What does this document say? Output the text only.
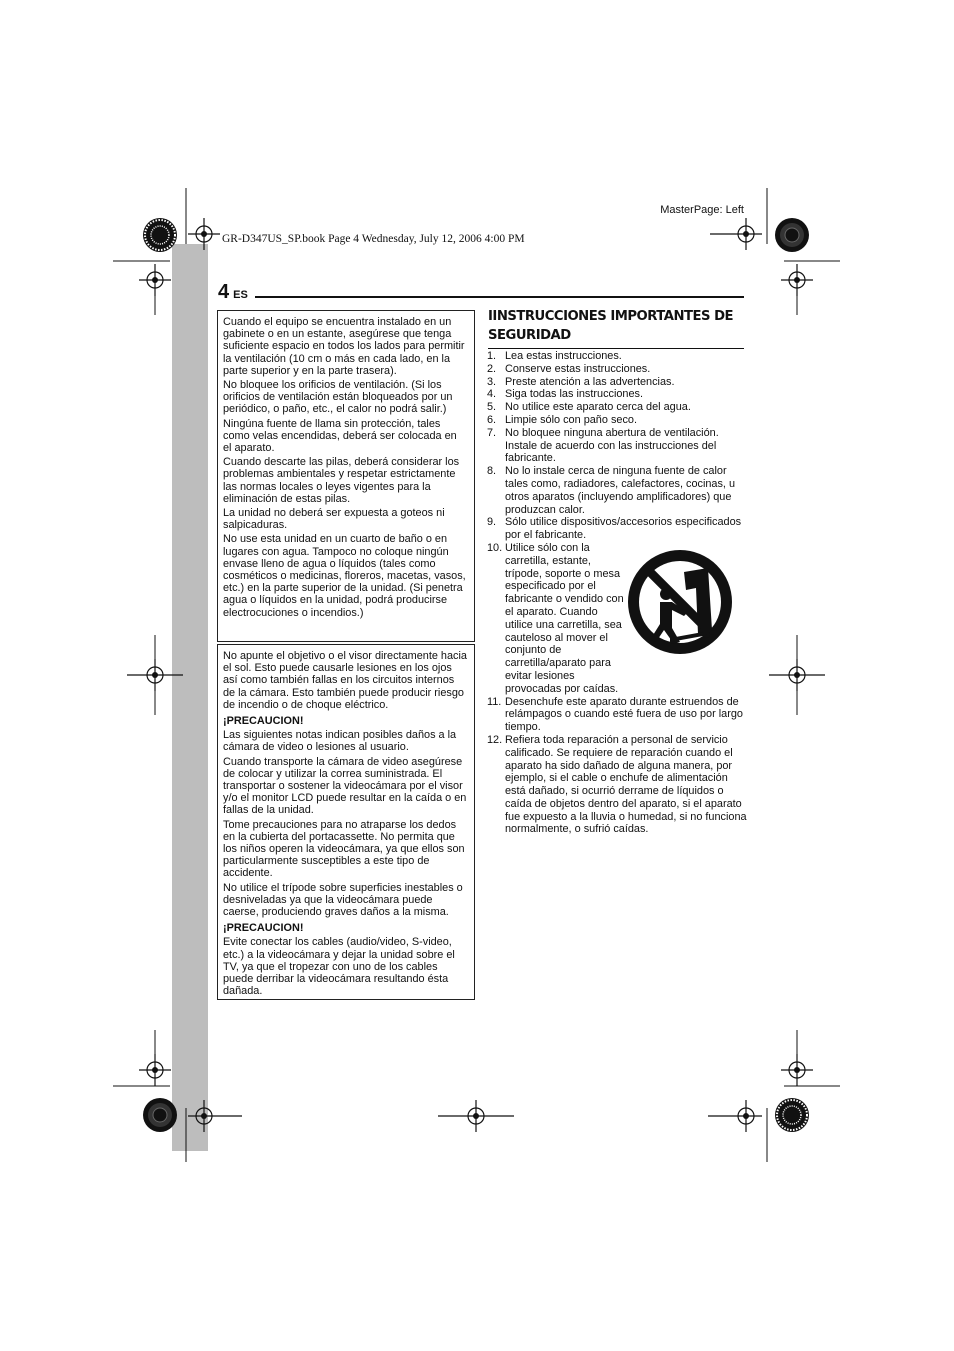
MasterPage: Left
GR-D347US_SP.book Page 4 Wednesday, July 12, 2006 4:00 PM
4 ES

Cuando el equipo se encuentra instalado en un gabinete o en un estante, asegúrese que tenga suficiente espacio en todos los lados para permitir la ventilación (10 cm o más en cada lado, en la parte superior y en la parte trasera).

No bloquee los orificios de ventilación. (Si los orificios de ventilación están bloqueados por un periódico, o paño, etc., el calor no podrá salir.)

Ningúna fuente de llama sin protección, tales como velas encendidas, deberá ser colocada en el aparato.

Cuando descarte las pilas, deberá considerar los problemas ambientales y respetar estrictamente las normas locales o leyes vigentes para la eliminación de estas pilas.

La unidad no deberá ser expuesta a goteos ni salpicaduras.

No use esta unidad en un cuarto de baño o en lugares con agua. Tampoco no coloque ningún envase lleno de agua o líquidos (tales como cosméticos o medicinas, floreros, macetas, vasos, etc.) en la parte superior de la unidad. (Si penetra agua o líquidos en la unidad, podrá producirse electrocuciones o incendios.)

No apunte el objetivo o el visor directamente hacia el sol. Esto puede causarle lesiones en los ojos así como también fallas en los circuitos internos de la cámara. Esto también puede producir riesgo de incendio o de choque eléctrico.

¡PRECAUCION!

Las siguientes notas indican posibles daños a la cámara de video o lesiones al usuario.

Cuando transporte la cámara de video asegúrese de colocar y utilizar la correa suministrada. El transportar o sostener la videocámara por el visor y/o el monitor LCD puede resultar en la caída o en fallas de la unidad.

Tome precauciones para no atraparse los dedos en la cubierta del portacassette. No permita que los niños operen la videocámara, ya que ellos son particularmente susceptibles a este tipo de accidente.

No utilice el trípode sobre superficies inestables o desniveladas ya que la videocámara puede caerse, produciendo graves daños a la misma.

¡PRECAUCION!

Evite conectar los cables (audio/video, S-video, etc.) a la videocámara y dejar la unidad sobre el TV, ya que el tropezar con uno de los cables puede derribar la videocámara resultando ésta dañada.

IINSTRUCCIONES IMPORTANTES DE SEGURIDAD
1. Lea estas instrucciones.
2. Conserve estas instrucciones.
3. Preste atención a las advertencias.
4. Siga todas las instrucciones.
5. No utilice este aparato cerca del agua.
6. Limpie sólo con paño seco.
7. No bloquee ninguna abertura de ventilación. Instale de acuerdo con las instrucciones del fabricante.
8. No lo instale cerca de ninguna fuente de calor tales como, radiadores, calefactores, cocinas, u otros aparatos (incluyendo amplificadores) que produzcan calor.
9. Sólo utilice dispositivos/accesorios especificados por el fabricante.
10. Utilice sólo con la carretilla, estante, trípode, soporte o mesa especificado por el fabricante o vendido con el aparato. Cuando utilice una carretilla, sea cauteloso al mover el conjunto de carretilla/aparato para evitar lesiones provocadas por caídas.
11. Desenchufe este aparato durante estruendos de relámpagos o cuando esté fuera de uso por largo tiempo.
12. Refiera toda reparación a personal de servicio calificado. Se requiere de reparación cuando el aparato ha sido dañado de alguna manera, por ejemplo, si el cable o enchufe de alimentación está dañado, si ocurrió derrame de líquidos o caída de objetos dentro del aparato, si el aparato fue expuesto a la lluvia o humedad, si no funciona normalmente, o sufrió caídas.
